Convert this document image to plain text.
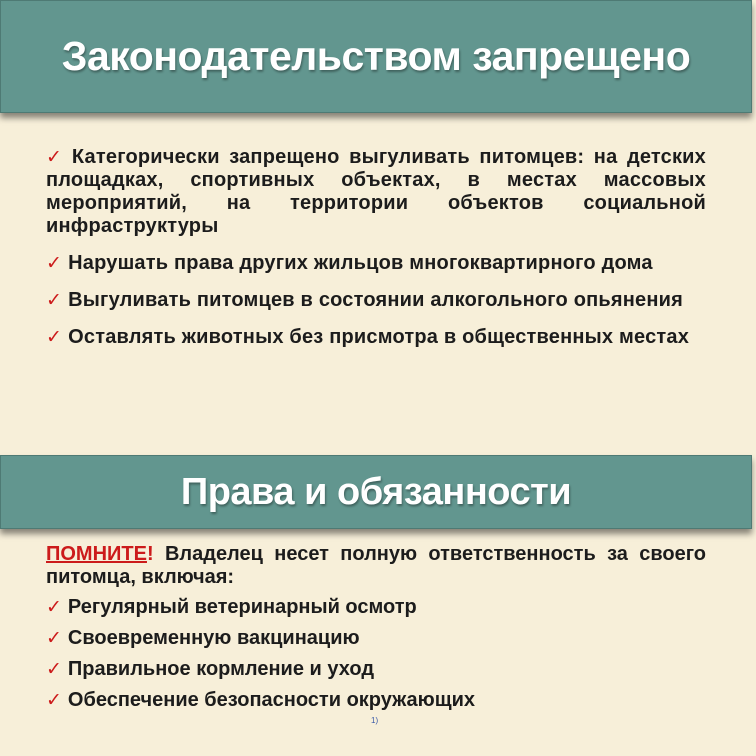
Законодательством запрещено
✓ Категорически запрещено выгуливать питомцев: на детских площадках, спортивных объектах, в местах массовых мероприятий, на территории объектов социальной инфраструктуры
✓ Нарушать права других жильцов многоквартирного дома
✓ Выгуливать питомцев в состоянии алкогольного опьянения
✓ Оставлять животных без присмотра в общественных местах
Права и обязанности
ПОМНИТЕ! Владелец несет полную ответственность за своего питомца, включая:
✓ Регулярный ветеринарный осмотр
✓ Своевременную вакцинацию
✓ Правильное кормление и уход
✓ Обеспечение безопасности окружающих
1)
